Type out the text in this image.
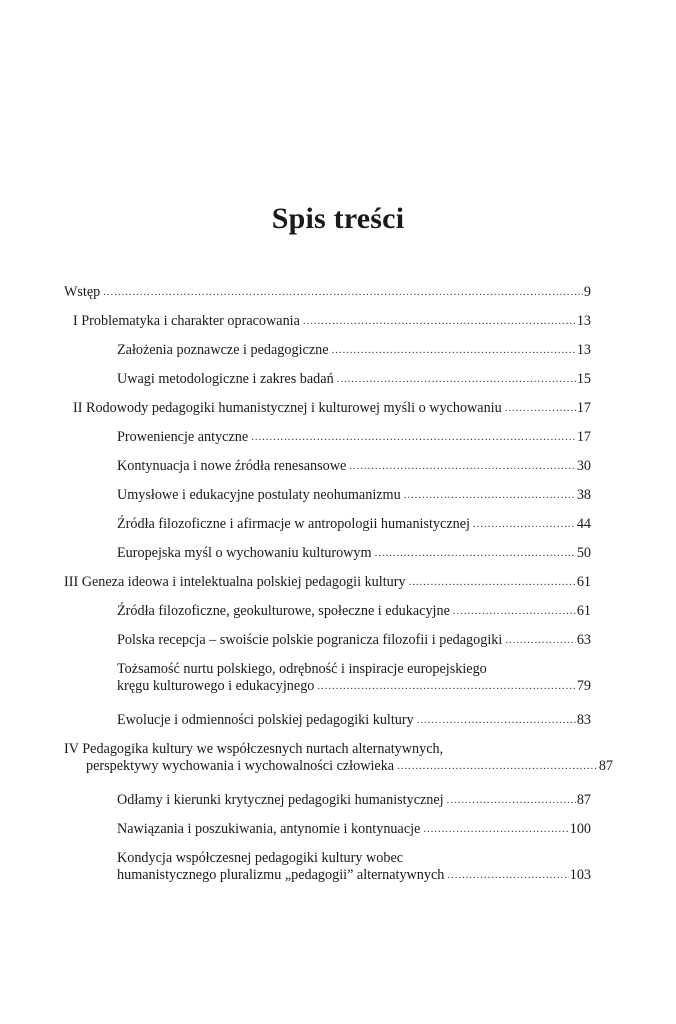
Spis treści
Wstęp .....	9
I Problematyka i charakter opracowania .....	13
Założenia poznawcze i pedagogiczne .....	13
Uwagi metodologiczne i zakres badań .....	15
II Rodowody pedagogiki humanistycznej i kulturowej myśli o wychowaniu .....	17
Proweniencje antyczne .....	17
Kontynuacja i nowe źródła renesansowe .....	30
Umysłowe i edukacyjne postulaty neohumanizmu .....	38
Źródła filozoficzne i afirmacje w antropologii humanistycznej .....	44
Europejska myśl o wychowaniu kulturowym .....	50
III Geneza ideowa i intelektualna polskiej pedagogii kultury .....	61
Źródła filozoficzne, geokulturowe, społeczne i edukacyjne .....	61
Polska recepcja – swoiście polskie pogranicza filozofii i pedagogiki .....	63
Tożsamość nurtu polskiego, odrębność i inspiracje europejskiego
kręgu kulturowego i edukacyjnego .....	79
Ewolucje i odmienności polskiej pedagogiki kultury .....	83
IV Pedagogika kultury we współczesnych nurtach alternatywnych,
perspektywy wychowania i wychowalności człowieka .....	87
Odłamy i kierunki krytycznej pedagogiki humanistycznej .....	87
Nawiązania i poszukiwania, antynomie i kontynuacje .....	100
Kondycja współczesnej pedagogiki kultury wobec
humanistycznego pluralizmu „pedagogii” alternatywnych .....	103
